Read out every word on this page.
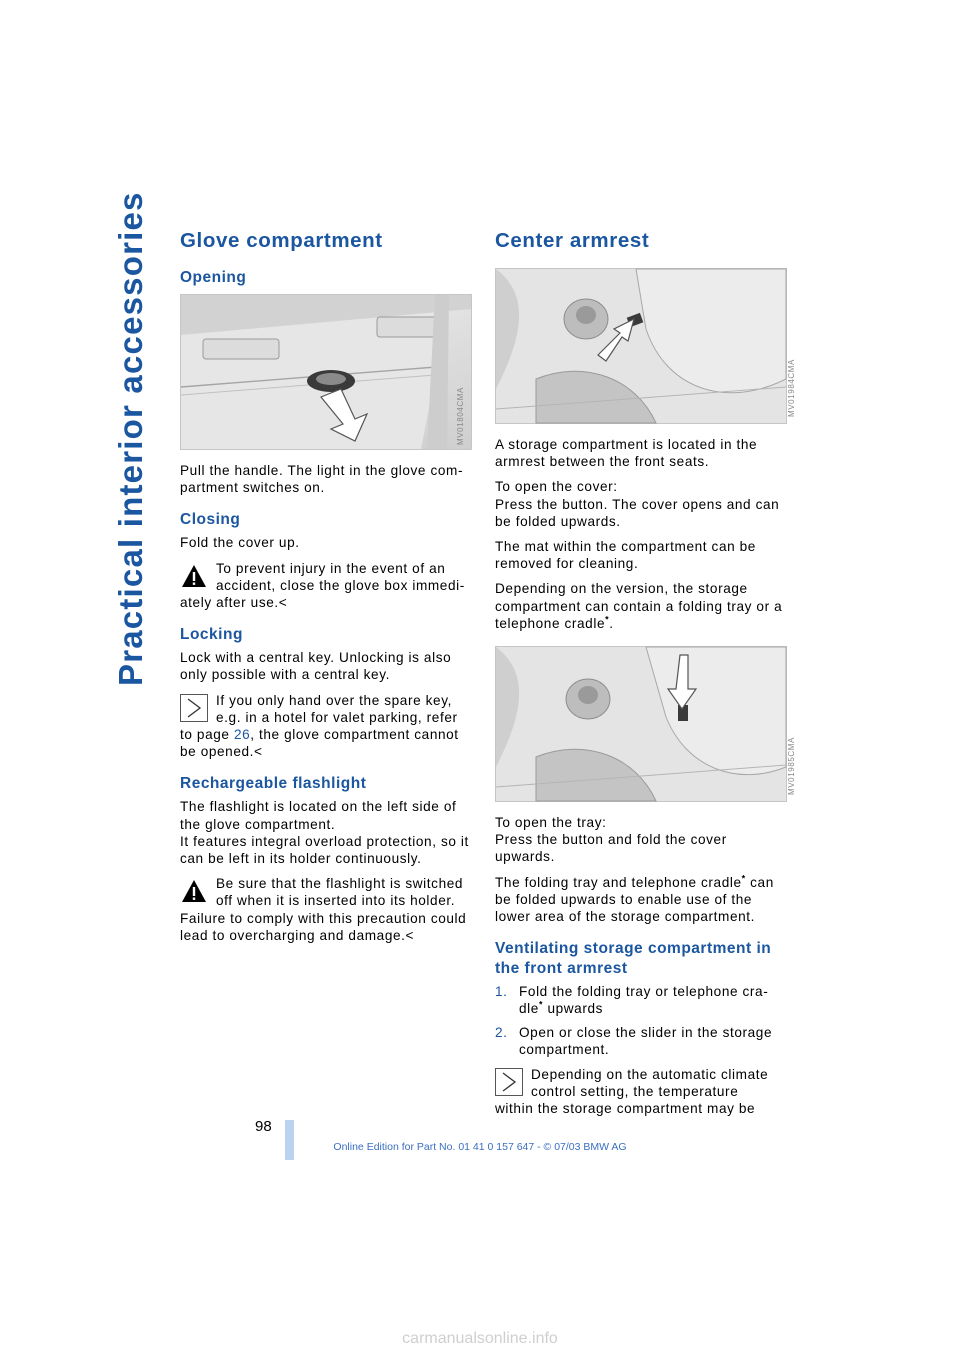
Practical interior accessories Glove compartment
Opening
MV01804CMA

Pull the handle. The light in the glove com-partment switches on.

Closing

Fold the cover up.

To prevent injury in the event of an accident, close the glove box immedi-
ately after use.<
Locking

Lock with a central key. Unlocking is also only possible with a central key.

If you only hand over the spare key, e.g. in a hotel for valet parking, refer
to page 26, the glove compartment cannot be opened.<
Rechargeable flashlight

The flashlight is located on the left side of the glove compartment.

It features integral overload protection, so it can be left in its holder continuously.

Be sure that the flashlight is switched off when it is inserted into its holder.
Failure to comply with this precaution could lead to overcharging and damage.<
Center armrest
MV01984CMA

A storage compartment is located in the armrest between the front seats.

To open the cover:

Press the button. The cover opens and can be folded upwards.

The mat within the compartment can be removed for cleaning.

Depending on the version, the storage compartment can contain a folding tray or a telephone cradle*.

MV01985CMA

To open the tray:

Press the button and fold the cover upwards.

The folding tray and telephone cradle* can be folded upwards to enable use of the lower area of the storage compartment.

Ventilating storage compartment in the front armrest
1. Fold the folding tray or telephone cra-dle* upwards
2. Open or close the slider in the storage compartment.
Depending on the automatic climate control setting, the temperature
within the storage compartment may be
98
Online Edition for Part No. 01 41 0 157 647 - © 07/03 BMW AG
carmanualsonline.info
